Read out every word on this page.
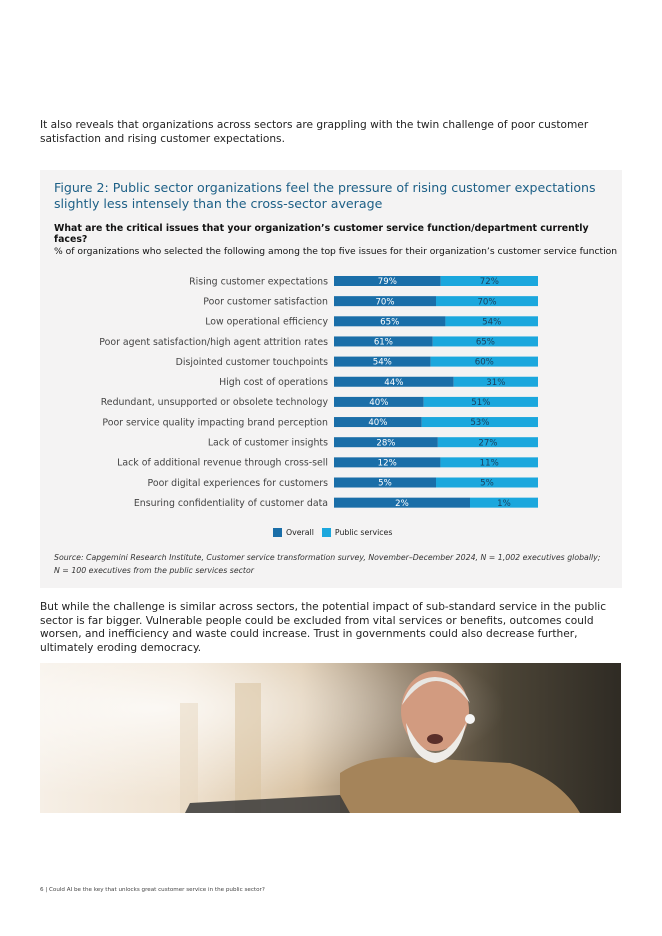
It also reveals that organizations across sectors are grappling with the twin challenge of poor customer satisfaction and rising customer expectations.
Figure 2: Public sector organizations feel the pressure of rising customer expectations slightly less intensely than the cross-sector average
What are the critical issues that your organization’s customer service function/department currently faces?
% of organizations who selected the following among the top five issues for their organization’s customer service function
Rising customer expectations	79%	72%
Poor customer satisfaction	70%	70%
Low operational efficiency	65%	54%
Poor agent satisfaction/high agent attrition rates	61%	65%
Disjointed customer touchpoints	54%	60%
High cost of operations	44%	31%
Redundant, unsupported or obsolete technology	40%	51%
Poor service quality impacting brand perception	40%	53%
Lack of customer insights	28%	27%
Lack of additional revenue through cross-sell	12%	11%
Poor digital experiences for customers	5%	5%
Ensuring confidentiality of customer data	2%	1%
Overall	Public services
Source: Capgemini Research Institute, Customer service transformation survey, November–December 2024, N = 1,002 executives globally;
N = 100 executives from the public services sector
But while the challenge is similar across sectors, the potential impact of sub-standard service in the public sector is far bigger. Vulnerable people could be excluded from vital services or benefits, outcomes could worsen, and inefficiency and waste could increase. Trust in governments could also decrease further, ultimately eroding democracy.
6 | Could AI be the key that unlocks great customer service in the public sector?
